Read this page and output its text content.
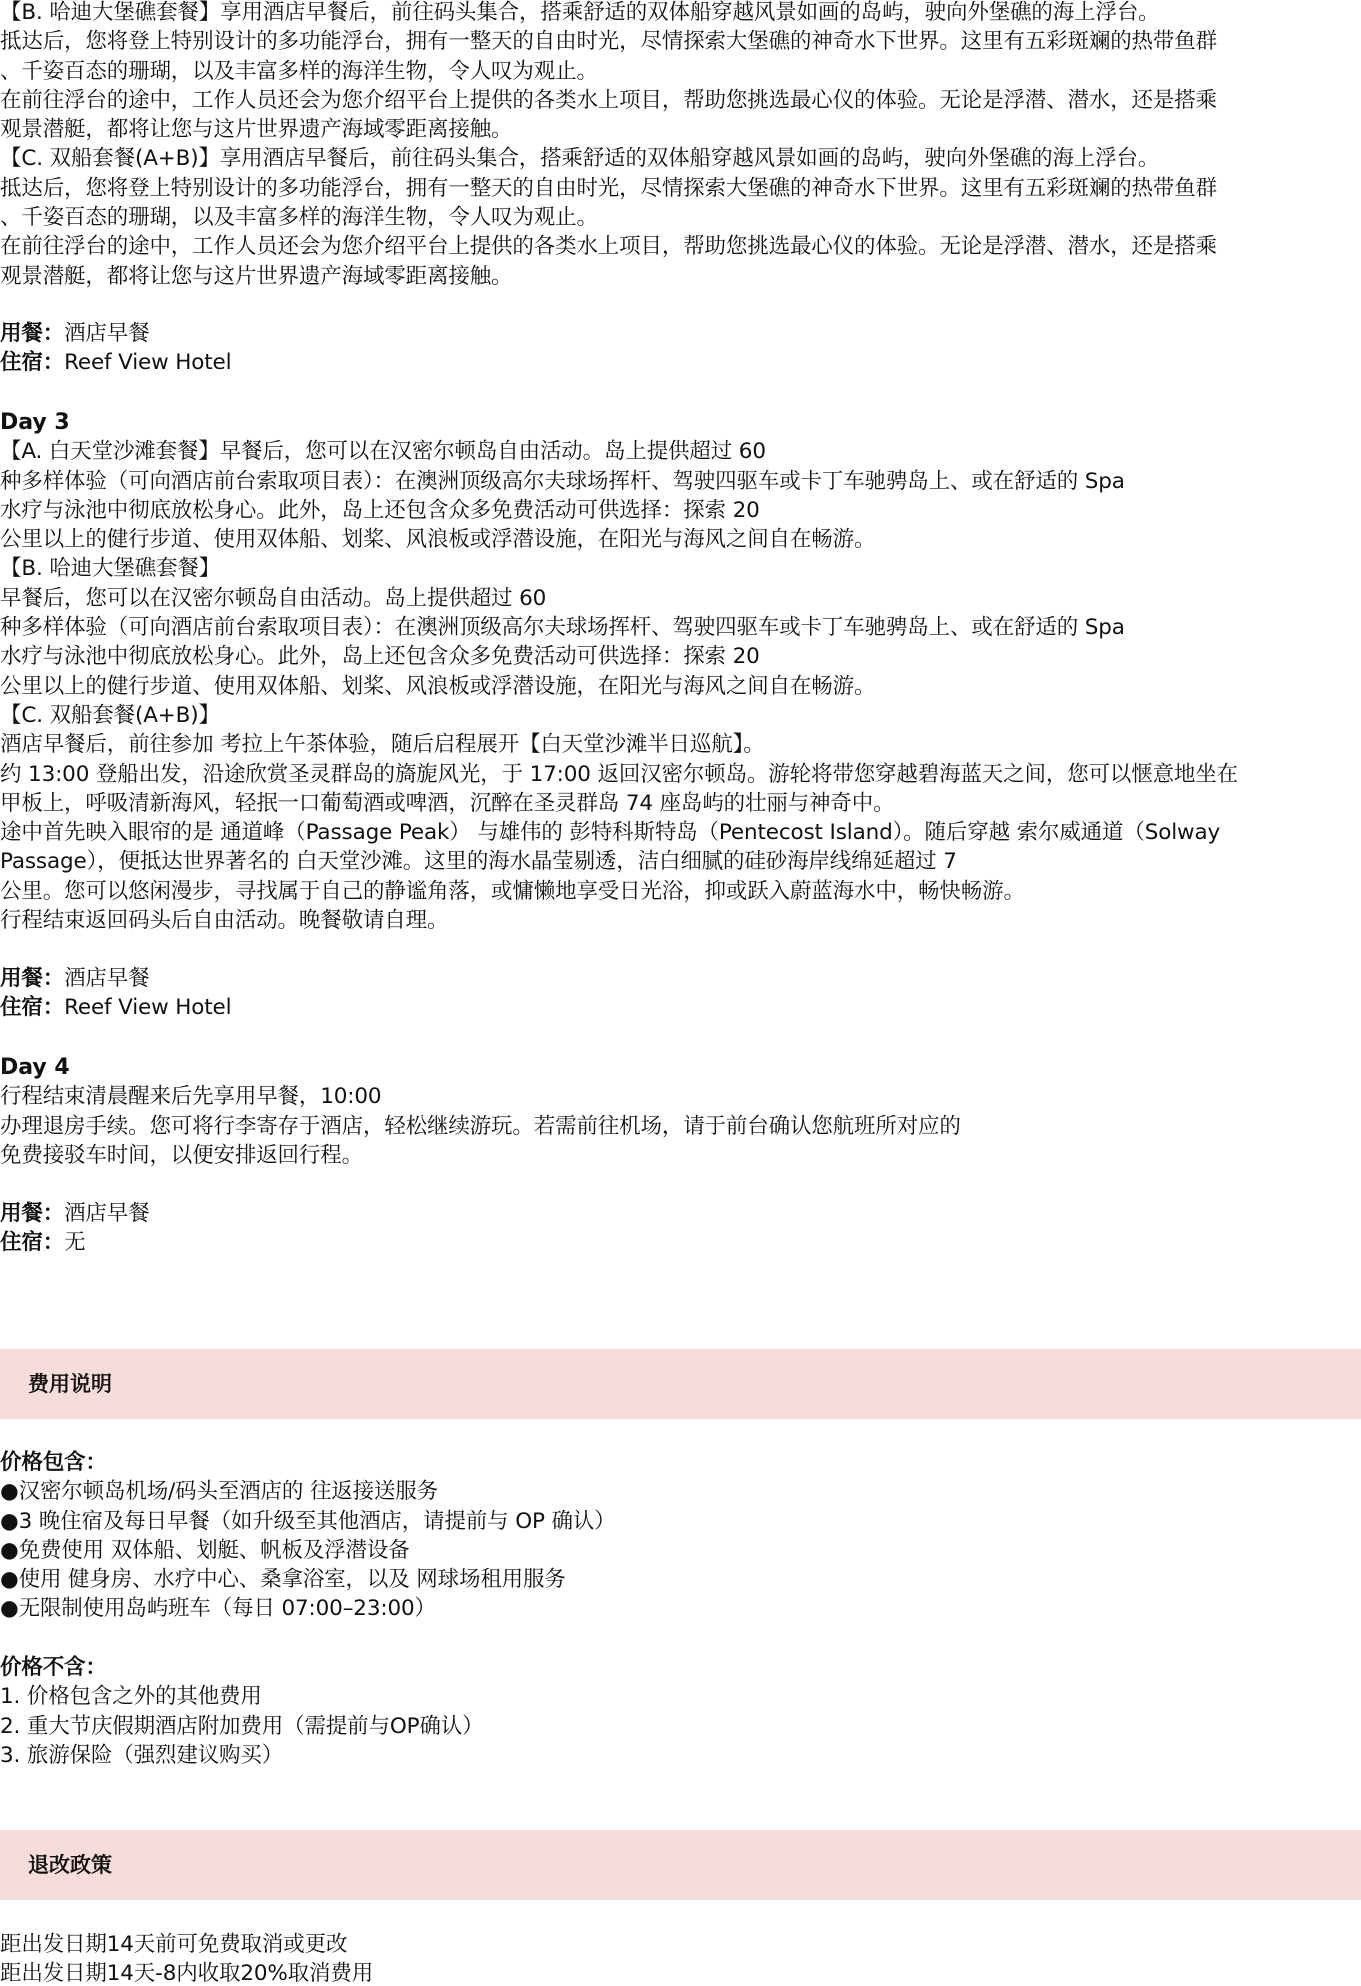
【B. 哈迪大堡礁套餐】享用酒店早餐后，前往码头集合，搭乘舒适的双体船穿越风景如画的岛屿，驶向外堡礁的海上浮台。
抵达后，您将登上特别设计的多功能浮台，拥有一整天的自由时光，尽情探索大堡礁的神奇水下世界。这里有五彩斑斓的热带鱼群
、千姿百态的珊瑚，以及丰富多样的海洋生物，令人叹为观止。
在前往浮台的途中，工作人员还会为您介绍平台上提供的各类水上项目，帮助您挑选最心仪的体验。无论是浮潜、潜水，还是搭乘
观景潜艇，都将让您与这片世界遗产海域零距离接触。
【C. 双船套餐(A+B)】享用酒店早餐后，前往码头集合，搭乘舒适的双体船穿越风景如画的岛屿，驶向外堡礁的海上浮台。
抵达后，您将登上特别设计的多功能浮台，拥有一整天的自由时光，尽情探索大堡礁的神奇水下世界。这里有五彩斑斓的热带鱼群
、千姿百态的珊瑚，以及丰富多样的海洋生物，令人叹为观止。
在前往浮台的途中，工作人员还会为您介绍平台上提供的各类水上项目，帮助您挑选最心仪的体验。无论是浮潜、潜水，还是搭乘
观景潜艇，都将让您与这片世界遗产海域零距离接触。
用餐：酒店早餐
住宿：Reef View Hotel
Day 3
【A. 白天堂沙滩套餐】早餐后，您可以在汉密尔顿岛自由活动。岛上提供超过 60
种多样体验（可向酒店前台索取项目表）：在澳洲顶级高尔夫球场挥杆、驾驶四驱车或卡丁车驰骋岛上、或在舒适的 Spa
水疗与泳池中彻底放松身心。此外，岛上还包含众多免费活动可供选择：探索 20
公里以上的健行步道、使用双体船、划桨、风浪板或浮潜设施，在阳光与海风之间自在畅游。
【B. 哈迪大堡礁套餐】
早餐后，您可以在汉密尔顿岛自由活动。岛上提供超过 60
种多样体验（可向酒店前台索取项目表）：在澳洲顶级高尔夫球场挥杆、驾驶四驱车或卡丁车驰骋岛上、或在舒适的 Spa
水疗与泳池中彻底放松身心。此外，岛上还包含众多免费活动可供选择：探索 20
公里以上的健行步道、使用双体船、划桨、风浪板或浮潜设施，在阳光与海风之间自在畅游。
【C. 双船套餐(A+B)】
酒店早餐后，前往参加 考拉上午茶体验，随后启程展开【白天堂沙滩半日巡航】。
约 13:00 登船出发，沿途欣赏圣灵群岛的旖旎风光，于 17:00 返回汉密尔顿岛。游轮将带您穿越碧海蓝天之间，您可以惬意地坐在
甲板上，呼吸清新海风，轻抿一口葡萄酒或啤酒，沉醉在圣灵群岛 74 座岛屿的壮丽与神奇中。
途中首先映入眼帘的是 通道峰（Passage Peak） 与雄伟的 彭特科斯特岛（Pentecost Island）。随后穿越 索尔威通道（Solway
Passage），便抵达世界著名的 白天堂沙滩。这里的海水晶莹剔透，洁白细腻的硅砂海岸线绵延超过 7
公里。您可以悠闲漫步，寻找属于自己的静谧角落，或慵懒地享受日光浴，抑或跃入蔚蓝海水中，畅快畅游。
行程结束返回码头后自由活动。晚餐敬请自理。
用餐：酒店早餐
住宿：Reef View Hotel
Day 4
行程结束清晨醒来后先享用早餐，10:00
办理退房手续。您可将行李寄存于酒店，轻松继续游玩。若需前往机场，请于前台确认您航班所对应的
免费接驳车时间，以便安排返回行程。
用餐：酒店早餐
住宿：无
费用说明
价格包含：
●汉密尔顿岛机场/码头至酒店的 往返接送服务
●3 晚住宿及每日早餐（如升级至其他酒店，请提前与 OP 确认）
●免费使用 双体船、划艇、帆板及浮潜设备
●使用 健身房、水疗中心、桑拿浴室，以及 网球场租用服务
●无限制使用岛屿班车（每日 07:00–23:00）
价格不含：
1. 价格包含之外的其他费用
2. 重大节庆假期酒店附加费用（需提前与OP确认）
3. 旅游保险（强烈建议购买）
退改政策
距出发日期14天前可免费取消或更改
距出发日期14天-8内收取20%取消费用
